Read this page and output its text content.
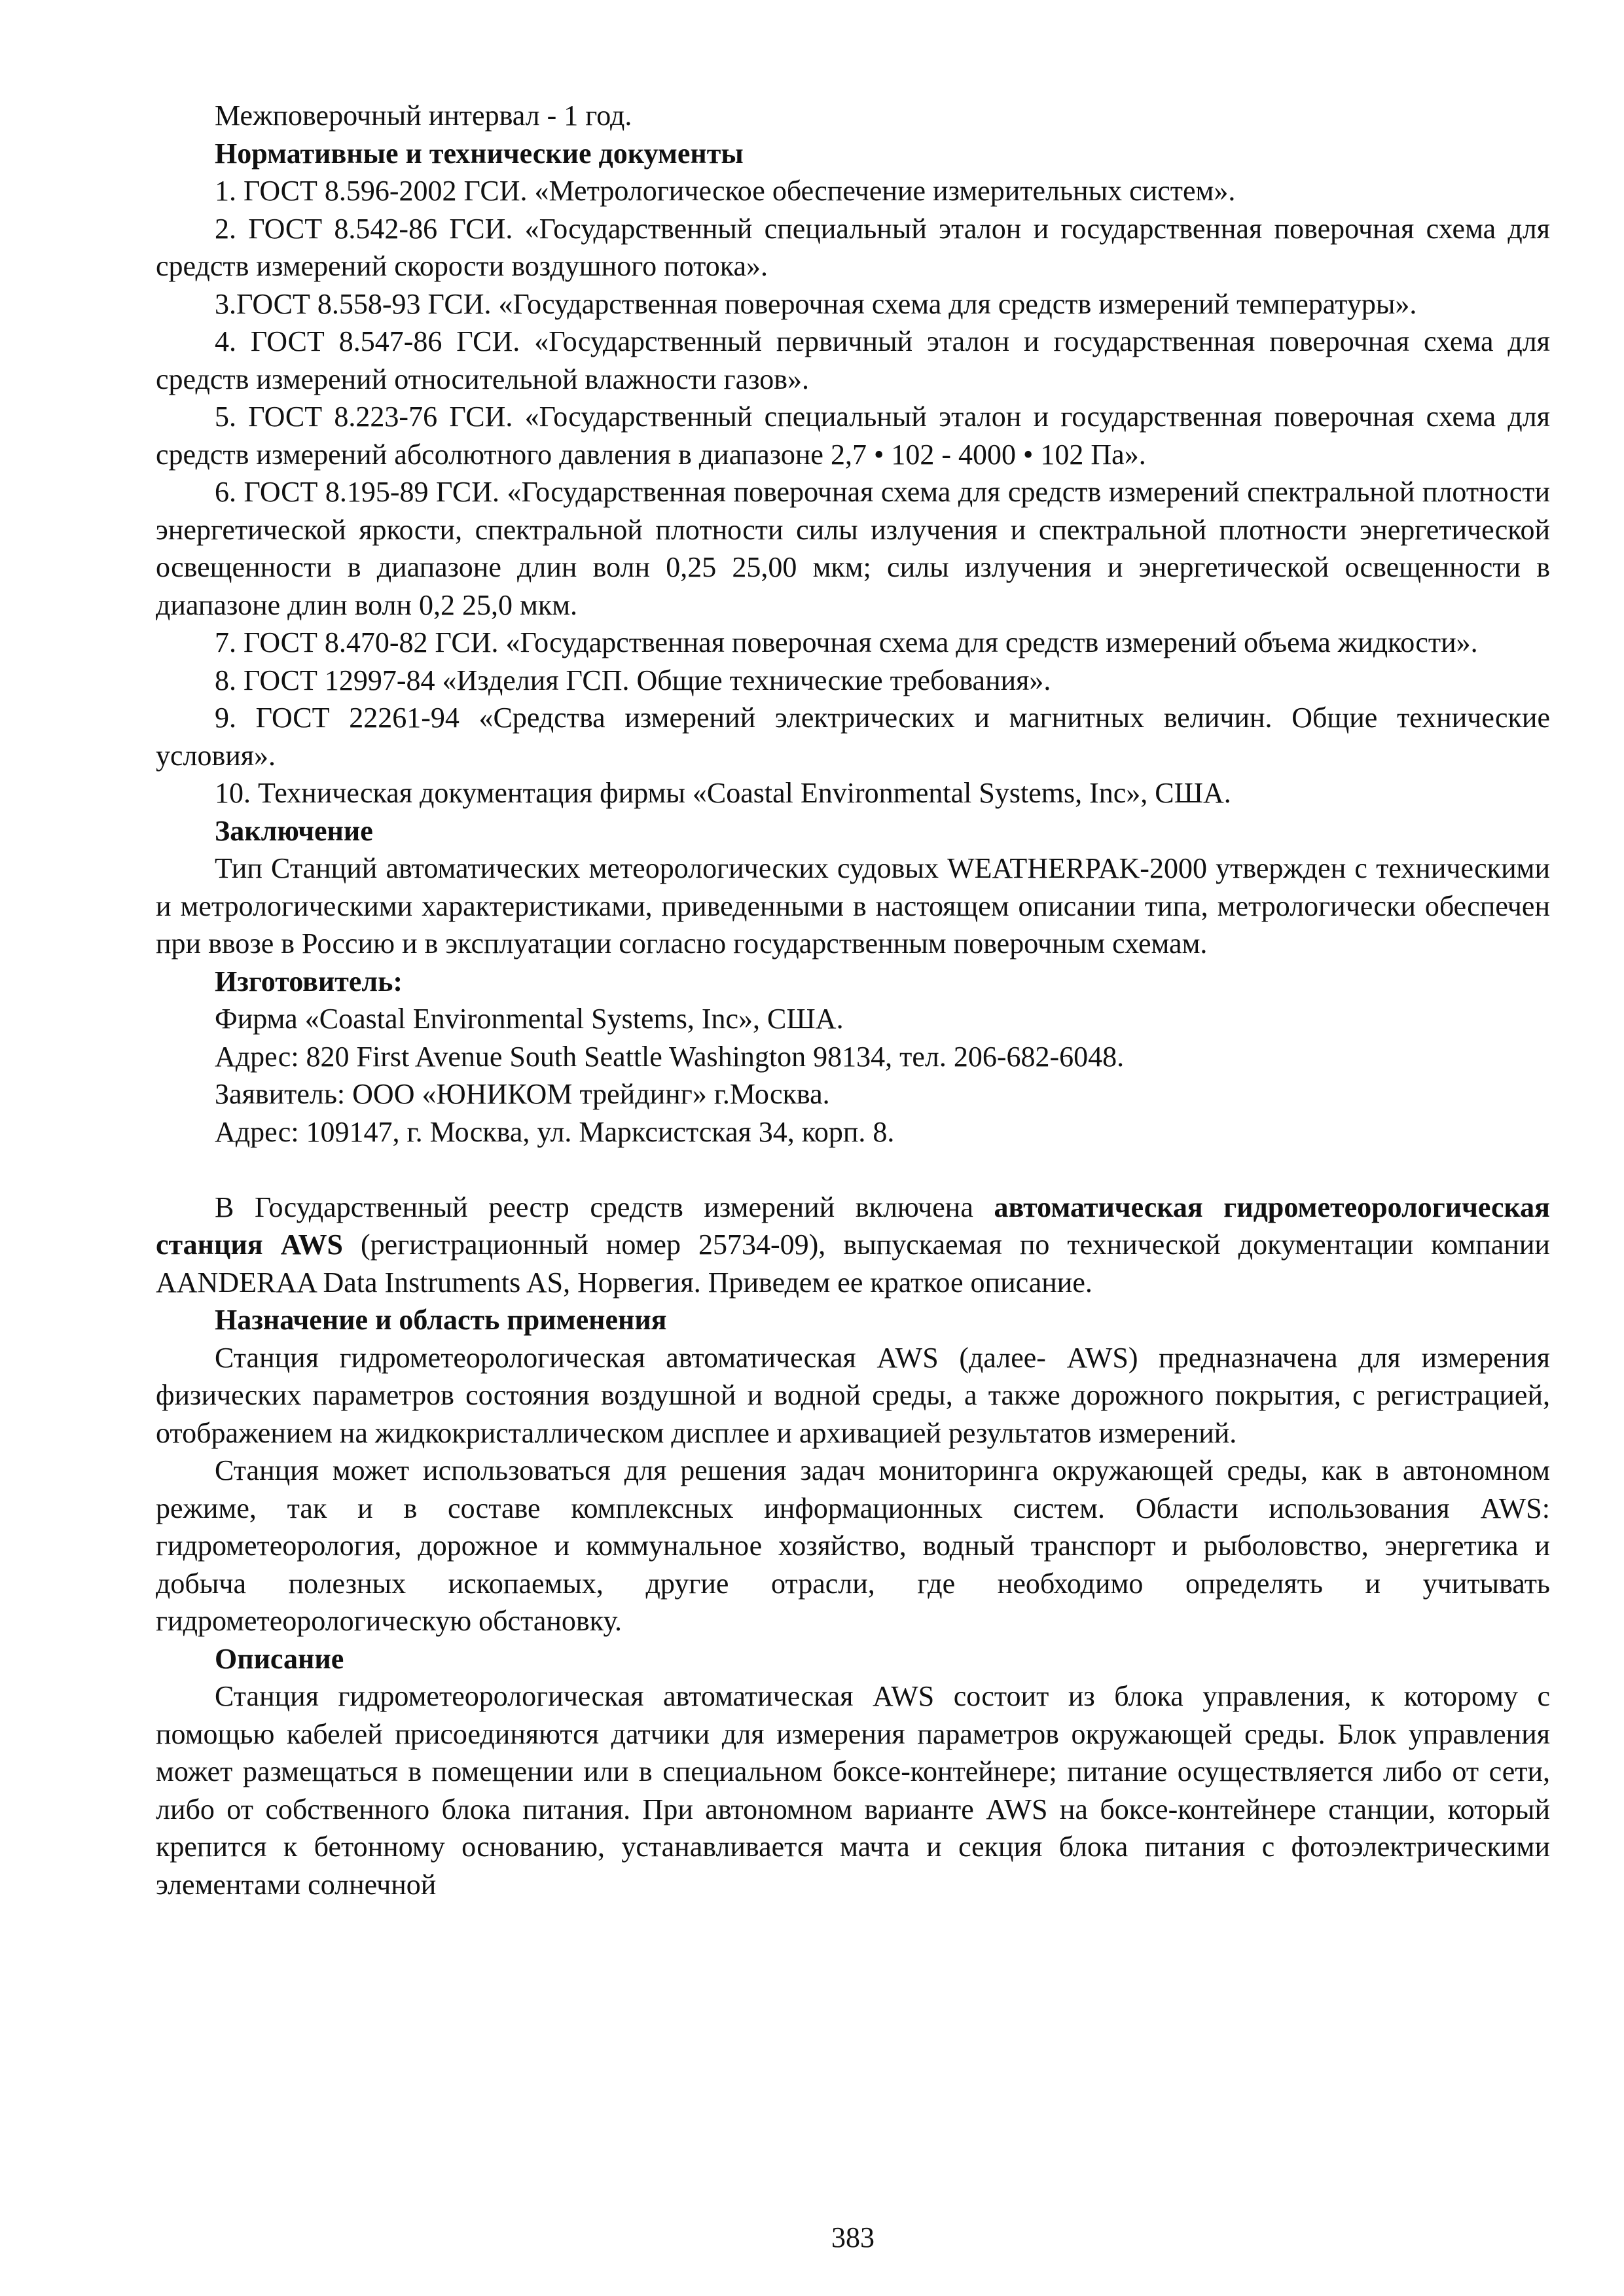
Межповерочный интервал - 1 год.

Нормативные и технические документы

1. ГОСТ 8.596-2002 ГСИ. «Метрологическое обеспечение измерительных систем».

2. ГОСТ 8.542-86 ГСИ. «Государственный специальный эталон и государственная поверочная схема для средств измерений скорости воздушного потока».

3.ГОСТ 8.558-93 ГСИ. «Государственная поверочная схема для средств измерений температуры».

4. ГОСТ 8.547-86 ГСИ. «Государственный первичный эталон и государственная поверочная схема для средств измерений относительной влажности газов».

5. ГОСТ 8.223-76 ГСИ. «Государственный специальный эталон и государственная поверочная схема для средств измерений абсолютного давления в диапазоне 2,7 • 102 - 4000 • 102 Па».

6. ГОСТ 8.195-89 ГСИ. «Государственная поверочная схема для средств измерений спектральной плотности энергетической яркости, спектральной плотности силы излучения и спектральной плотности энергетической освещенности в диапазоне длин волн 0,25 25,00 мкм; силы излучения и энергетической освещенности в диапазоне длин волн 0,2 25,0 мкм.

7. ГОСТ 8.470-82 ГСИ. «Государственная поверочная схема для средств измерений объема жидкости».

8. ГОСТ 12997-84 «Изделия ГСП. Общие технические требования».

9. ГОСТ 22261-94 «Средства измерений электрических и магнитных величин. Общие технические условия».

10. Техническая документация фирмы «Coastal Environmental Systems, Inc», США.

Заключение

Тип Станций автоматических метеорологических судовых WEATHERPAK-2000 утвержден с техническими и метрологическими характеристиками, приведенными в настоящем описании типа, метрологически обеспечен при ввозе в Россию и в эксплуатации согласно государственным поверочным схемам.

Изготовитель:

Фирма «Coastal Environmental Systems, Inc», США.

Адрес: 820 First Avenue South Seattle Washington 98134, тел. 206-682-6048.

Заявитель: ООО «ЮНИКОМ трейдинг» г.Москва.

Адрес: 109147, г. Москва, ул. Марксистская 34, корп. 8.

В Государственный реестр средств измерений включена автоматическая гидрометеорологическая станция AWS (регистрационный номер 25734-09), выпускаемая по технической документации компании AANDERAA Data Instruments AS, Норвегия. Приведем ее краткое описание.

Назначение и область применения

Станция гидрометеорологическая автоматическая AWS (далее- AWS) предназначена для измерения физических параметров состояния воздушной и водной среды, а также дорожного покрытия, с регистрацией, отображением на жидкокристаллическом дисплее и архивацией результатов измерений.

Станция может использоваться для решения задач мониторинга окружающей среды, как в автономном режиме, так и в составе комплексных информационных систем. Области использования AWS: гидрометеорология, дорожное и коммунальное хозяйство, водный транспорт и рыболовство, энергетика и добыча полезных ископаемых, другие отрасли, где необходимо определять и учитывать гидрометеорологическую обстановку.

Описание

Станция гидрометеорологическая автоматическая AWS состоит из блока управления, к которому с помощью кабелей присоединяются датчики для измерения параметров окружающей среды. Блок управления может размещаться в помещении или в специальном боксе-контейнере; питание осуществляется либо от сети, либо от собственного блока питания. При автономном варианте AWS на боксе-контейнере станции, который крепится к бетонному основанию, устанавливается мачта и секция блока питания с фотоэлектрическими элементами солнечной

383
